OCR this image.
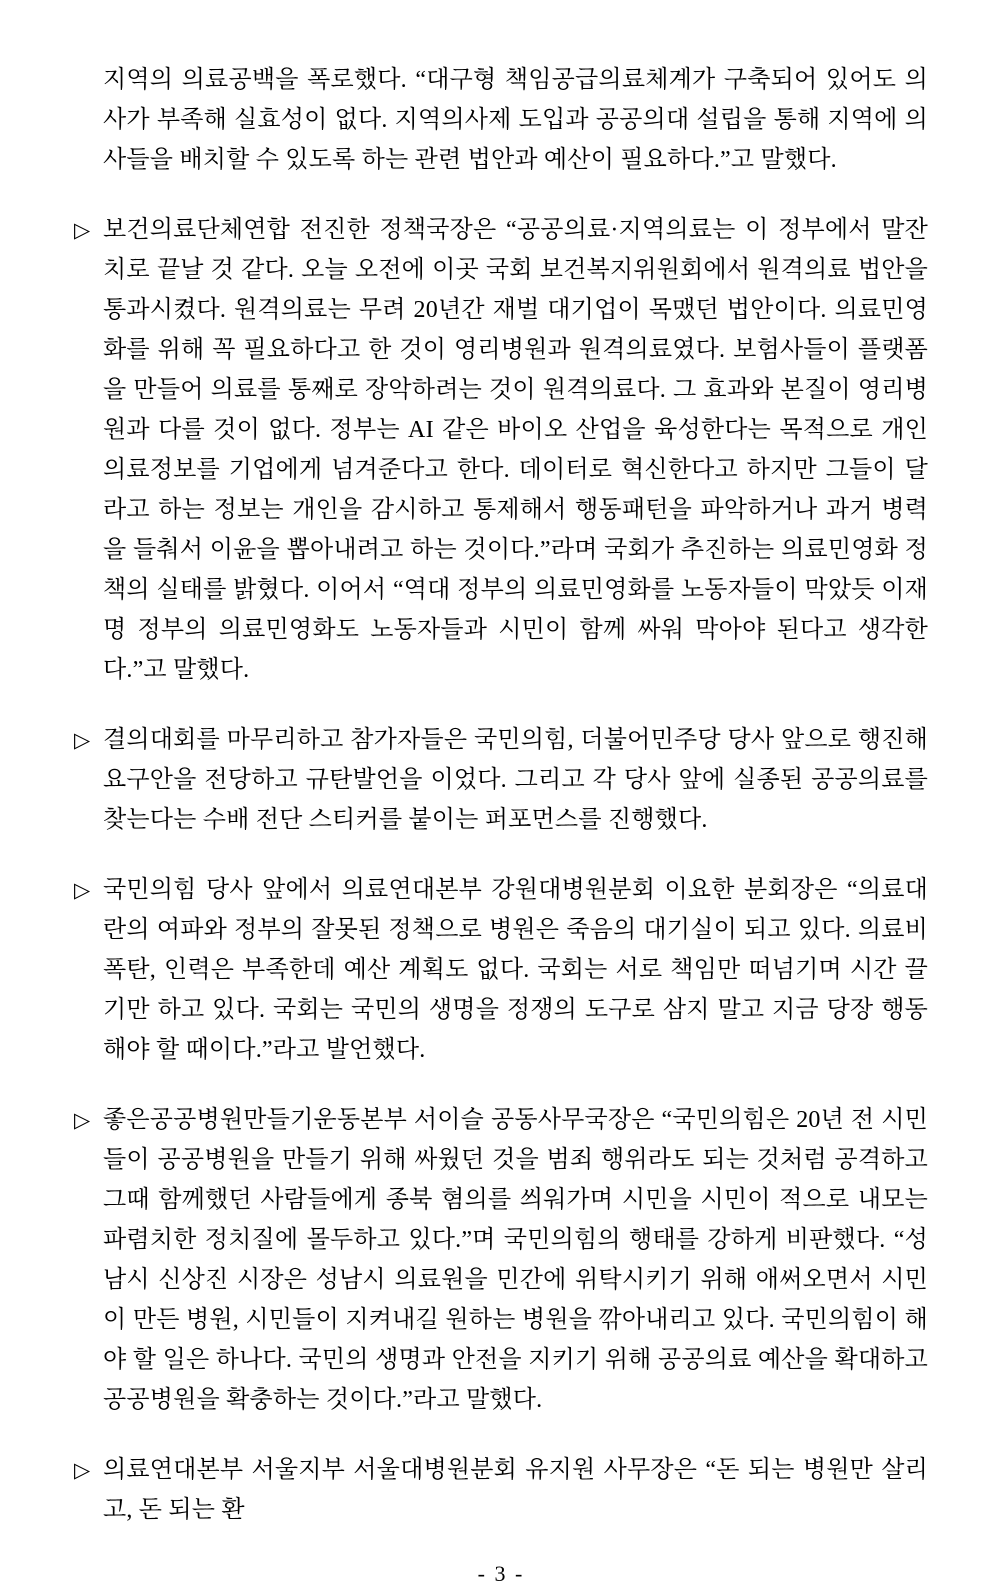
지역의 의료공백을 폭로했다. “대구형 책임공급의료체계가 구축되어 있어도 의사가 부족해 실효성이 없다. 지역의사제 도입과 공공의대 설립을 통해 지역에 의사들을 배치할 수 있도록 하는 관련 법안과 예산이 필요하다.”고 말했다.
▷ 보건의료단체연합 전진한 정책국장은 “공공의료·지역의료는 이 정부에서 말잔치로 끝날 것 같다. 오늘 오전에 이곳 국회 보건복지위원회에서 원격의료 법안을 통과시켰다. 원격의료는 무려 20년간 재벌 대기업이 목맸던 법안이다. 의료민영화를 위해 꼭 필요하다고 한 것이 영리병원과 원격의료였다. 보험사들이 플랫폼을 만들어 의료를 통째로 장악하려는 것이 원격의료다. 그 효과와 본질이 영리병원과 다를 것이 없다. 정부는 AI 같은 바이오 산업을 육성한다는 목적으로 개인 의료정보를 기업에게 넘겨준다고 한다. 데이터로 혁신한다고 하지만 그들이 달라고 하는 정보는 개인을 감시하고 통제해서 행동패턴을 파악하거나 과거 병력을 들춰서 이윤을 뽑아내려고 하는 것이다.”라며 국회가 추진하는 의료민영화 정책의 실태를 밝혔다. 이어서 “역대 정부의 의료민영화를 노동자들이 막았듯 이재명 정부의 의료민영화도 노동자들과 시민이 함께 싸워 막아야 된다고 생각한다.”고 말했다.
▷ 결의대회를 마무리하고 참가자들은 국민의힘, 더불어민주당 당사 앞으로 행진해 요구안을 전당하고 규탄발언을 이었다. 그리고 각 당사 앞에 실종된 공공의료를 찾는다는 수배 전단 스티커를 붙이는 퍼포먼스를 진행했다.
▷ 국민의힘 당사 앞에서 의료연대본부 강원대병원분회 이요한 분회장은 “의료대란의 여파와 정부의 잘못된 정책으로 병원은 죽음의 대기실이 되고 있다. 의료비 폭탄, 인력은 부족한데 예산 계획도 없다. 국회는 서로 책임만 떠넘기며 시간 끌기만 하고 있다. 국회는 국민의 생명을 정쟁의 도구로 삼지 말고 지금 당장 행동 해야 할 때이다.”라고 발언했다.
▷ 좋은공공병원만들기운동본부 서이슬 공동사무국장은 “국민의힘은 20년 전 시민들이 공공병원을 만들기 위해 싸웠던 것을 범죄 행위라도 되는 것처럼 공격하고 그때 함께했던 사람들에게 종북 혐의를 씌워가며 시민을 시민이 적으로 내모는 파렴치한 정치질에 몰두하고 있다.”며 국민의힘의 행태를 강하게 비판했다. “성남시 신상진 시장은 성남시 의료원을 민간에 위탁시키기 위해 애써오면서 시민이 만든 병원, 시민들이 지켜내길 원하는 병원을 깎아내리고 있다. 국민의힘이 해야 할 일은 하나다. 국민의 생명과 안전을 지키기 위해 공공의료 예산을 확대하고 공공병원을 확충하는 것이다.”라고 말했다.
▷ 의료연대본부 서울지부 서울대병원분회 유지원 사무장은 “돈 되는 병원만 살리고, 돈 되는 환
- 3 -
